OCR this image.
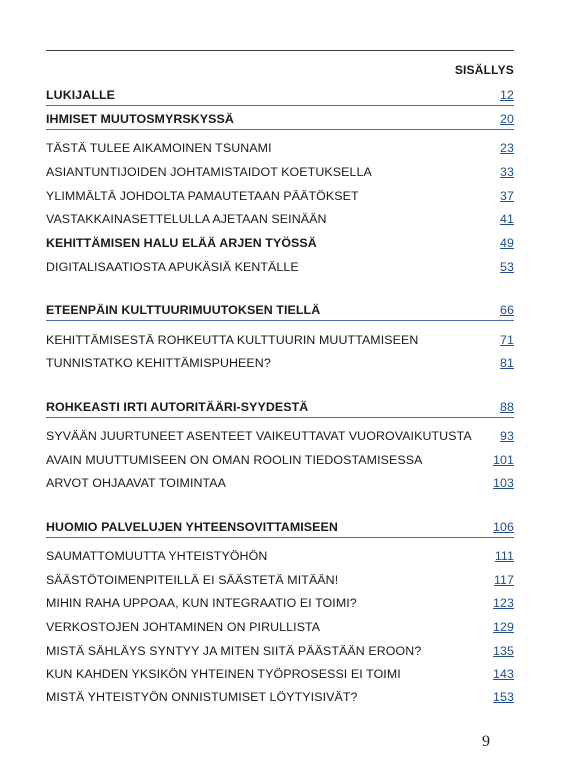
SISÄLLYS
LUKIJALLE	12
IHMISET MUUTOSMYRSKYSSÄ	20
TÄSTÄ TULEE AIKAMOINEN TSUNAMI	23
ASIANTUNTIJOIDEN JOHTAMISTAIDOT KOETUKSELLA	33
YLIMMÄLTÄ JOHDOLTA PAMAUTETAAN PÄÄTÖKSET	37
VASTAKKAINASETTELULLA AJETAAN SEINÄÄN	41
KEHITTÄMISEN HALU ELÄÄ ARJEN TYÖSSÄ	49
DIGITALISAATIOSTA APUKÄSIÄ KENTÄLLE	53
ETEENPÄIN KULTTUURIMUUTOKSEN TIELLÄ	66
KEHITTÄMISESTÄ ROHKEUTTA KULTTUURIN MUUTTAMISEEN	71
TUNNISTATKO KEHITTÄMISPUHEEN?	81
ROHKEASTI IRTI AUTORITÄÄRI-SYYDESTÄ	88
SYVÄÄN JUURTUNEET ASENTEET VAIKEUTTAVAT VUOROVAIKUTUSTA 93
AVAIN MUUTTUMISEEN ON OMAN ROOLIN TIEDOSTAMISESSA	101
ARVOT OHJAAVAT TOIMINTAA	103
HUOMIO PALVELUJEN YHTEENSOVITTAMISEEN	106
SAUMATTOMUUTTA YHTEISTYÖHÖN	111
SÄÄSTÖTOIMENPITEILLÄ EI SÄÄSTETÄ MITÄÄN!	117
MIHIN RAHA UPPOAA, KUN INTEGRAATIO EI TOIMI?	123
VERKOSTOJEN JOHTAMINEN ON PIRULLISTA	129
MISTÄ SÄHLÄYS SYNTYY JA MITEN SIITÄ PÄÄSTÄÄN EROON?	135
KUN KAHDEN YKSIKÖN YHTEINEN TYÖPROSESSI EI TOIMI	143
MISTÄ YHTEISTYÖN ONNISTUMISET LÖYTYISIVÄT?	153
9
